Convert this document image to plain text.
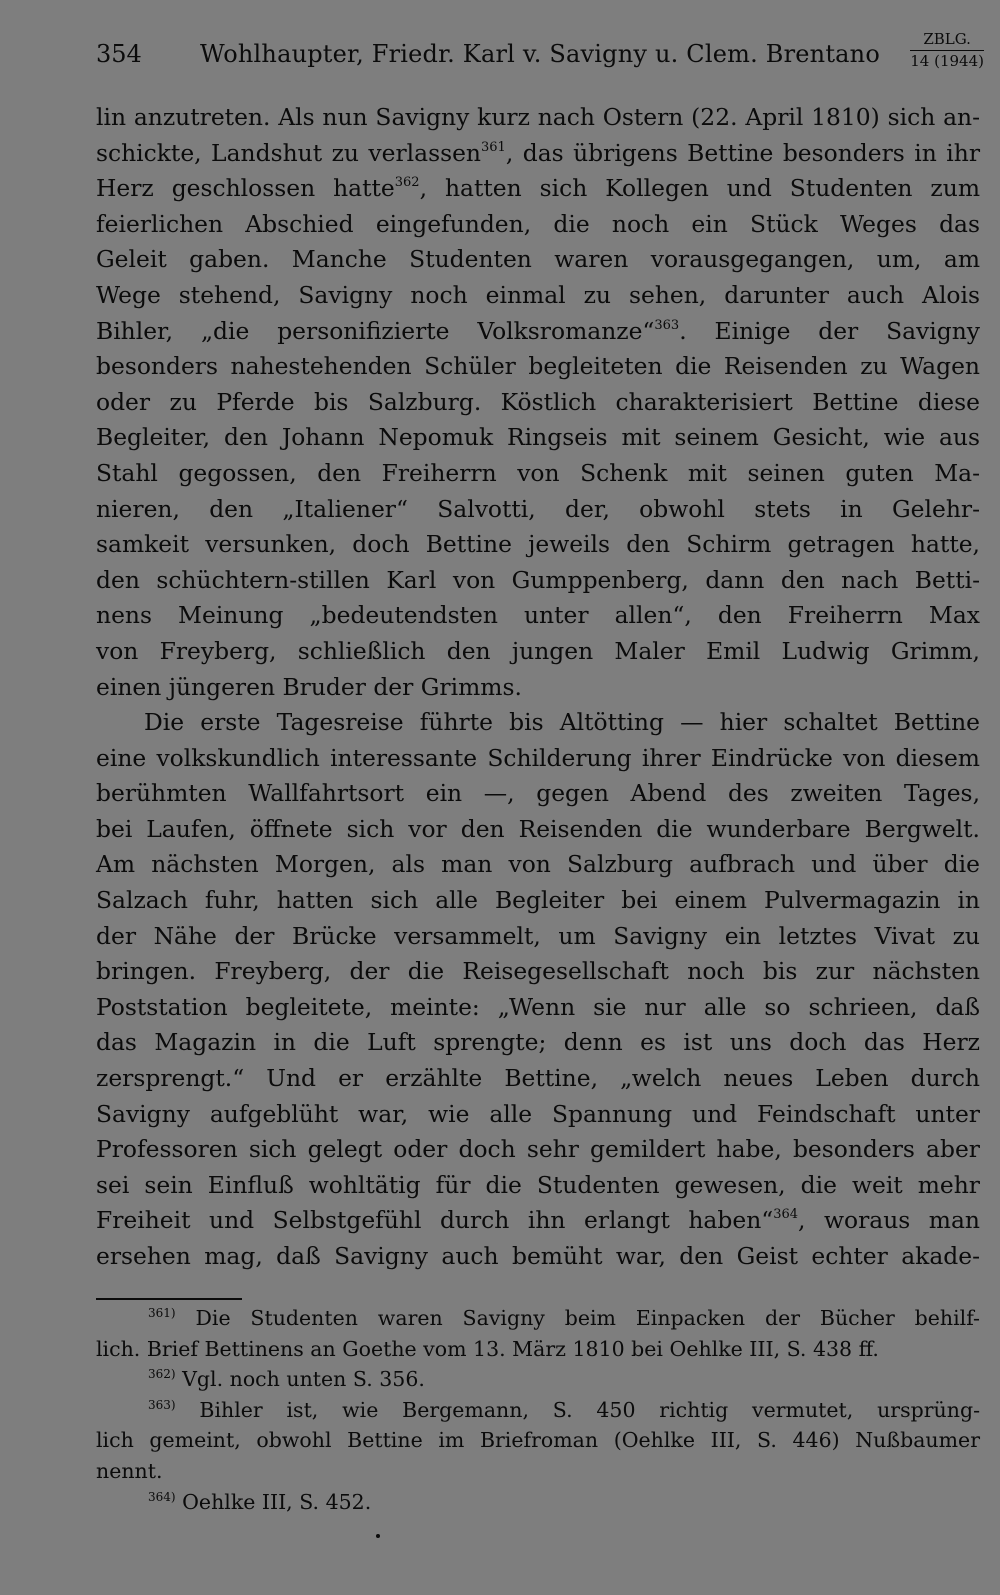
354 Wohlhaupter, Friedr. Karl v. Savigny u. Clem. Brentano
ZBLG.
14 (1944)
lin anzutreten. Als nun Savigny kurz nach Ostern (22. April 1810) sich an-
schickte, Landshut zu verlassen$^{361}$, das übrigens Bettine besonders in ihr
Herz geschlossen hatte$^{362}$, hatten sich Kollegen und Studenten zum
feierlichen Abschied eingefunden, die noch ein Stück Weges das
Geleit gaben. Manche Studenten waren vorausgegangen, um, am
Wege stehend, Savigny noch einmal zu sehen, darunter auch Alois
Bihler, „die personifizierte Volksromanze“$^{363}$. Einige der Savigny
besonders nahestehenden Schüler begleiteten die Reisenden zu Wagen
oder zu Pferde bis Salzburg. Köstlich charakterisiert Bettine diese
Begleiter, den Johann Nepomuk Ringseis mit seinem Gesicht, wie aus
Stahl gegossen, den Freiherrn von Schenk mit seinen guten Ma-
nieren, den „Italiener“ Salvotti, der, obwohl stets in Gelehr-
samkeit versunken, doch Bettine jeweils den Schirm getragen hatte,
den schüchtern-stillen Karl von Gumppenberg, dann den nach Betti-
nens Meinung „bedeutendsten unter allen“, den Freiherrn Max
von Freyberg, schließlich den jungen Maler Emil Ludwig Grimm,
einen jüngeren Bruder der Grimms.
Die erste Tagesreise führte bis Altötting — hier schaltet Bettine
eine volkskundlich interessante Schilderung ihrer Eindrücke von diesem
berühmten Wallfahrtsort ein —, gegen Abend des zweiten Tages,
bei Laufen, öffnete sich vor den Reisenden die wunderbare Bergwelt.
Am nächsten Morgen, als man von Salzburg aufbrach und über die
Salzach fuhr, hatten sich alle Begleiter bei einem Pulvermagazin in
der Nähe der Brücke versammelt, um Savigny ein letztes Vivat zu
bringen. Freyberg, der die Reisegesellschaft noch bis zur nächsten
Poststation begleitete, meinte: „Wenn sie nur alle so schrieen, daß
das Magazin in die Luft sprengte; denn es ist uns doch das Herz
zersprengt.“ Und er erzählte Bettine, „welch neues Leben durch
Savigny aufgeblüht war, wie alle Spannung und Feindschaft unter
Professoren sich gelegt oder doch sehr gemildert habe, besonders aber
sei sein Einfluß wohltätig für die Studenten gewesen, die weit mehr
Freiheit und Selbstgefühl durch ihn erlangt haben“$^{364}$, woraus man
ersehen mag, daß Savigny auch bemüht war, den Geist echter akade-
$^{361)}$ Die Studenten waren Savigny beim Einpacken der Bücher behilf-
lich. Brief Bettinens an Goethe vom 13. März 1810 bei Oehlke III, S. 438 ff.
$^{362)}$ Vgl. noch unten S. 356.
$^{363)}$ Bihler ist, wie Bergemann, S. 450 richtig vermutet, ursprüng-
lich gemeint, obwohl Bettine im Briefroman (Oehlke III, S. 446) Nußbaumer
nennt.
$^{364)}$ Oehlke III, S. 452.
